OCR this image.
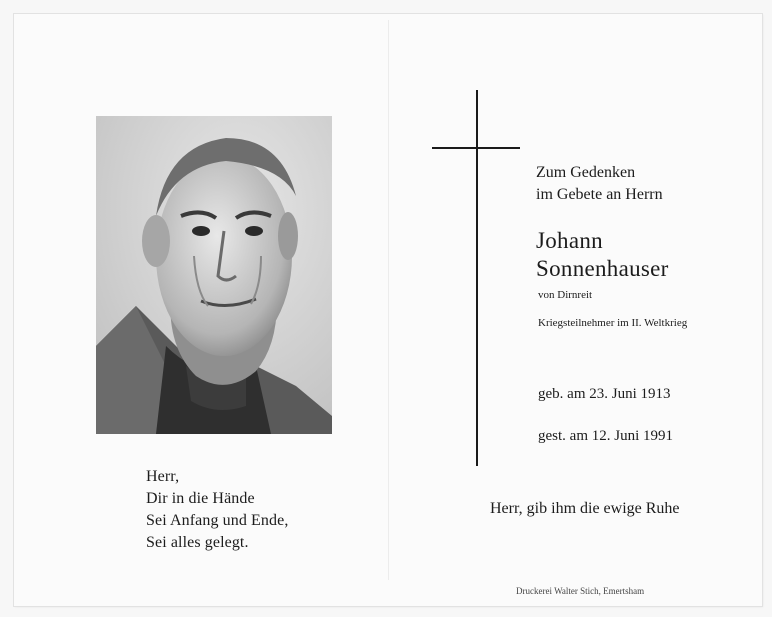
Herr,
Dir in die Hände
Sei Anfang und Ende,
Sei alles gelegt.
Zum Gedenken
im Gebete an Herrn
Johann
Sonnenhauser
von Dirnreit
Kriegsteilnehmer im II. Weltkrieg
geb. am 23. Juni 1913
gest. am 12. Juni 1991
Herr, gib ihm die ewige Ruhe
Druckerei Walter Stich, Emertsham
